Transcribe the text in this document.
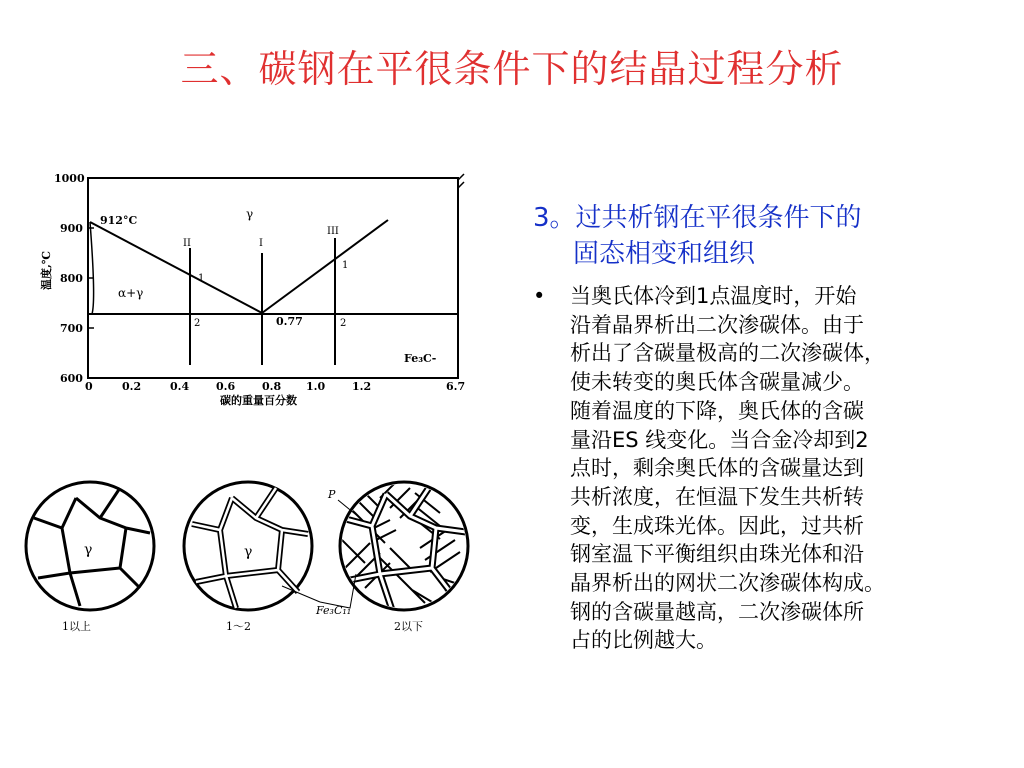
三、碳钢在平很条件下的结晶过程分析
1000
900
800
700
600
温度,℃
0	0.2	0.4 0.6 0.8 1.0 1.2	6.7
碳的重量百分数
912°C	γ
α+γ
0.77
Fe₃C-
II	I
III
1
2
1
2
γ	γ
P
Fe₃C₁₁
1以上	1～2	2以下
3。过共析钢在平很条件下的
固态相变和组织
• 当奥氏体冷到1点温度时，开始
沿着晶界析出二次渗碳体。由于
析出了含碳量极高的二次渗碳体，
使未转变的奥氏体含碳量减少。
随着温度的下降，奥氏体的含碳
量沿ES 线变化。当合金冷却到2
点时，剩余奥氏体的含碳量达到
共析浓度，在恒温下发生共析转
变，生成珠光体。因此，过共析
钢室温下平衡组织由珠光体和沿
晶界析出的网状二次渗碳体构成。
钢的含碳量越高，二次渗碳体所
占的比例越大。
